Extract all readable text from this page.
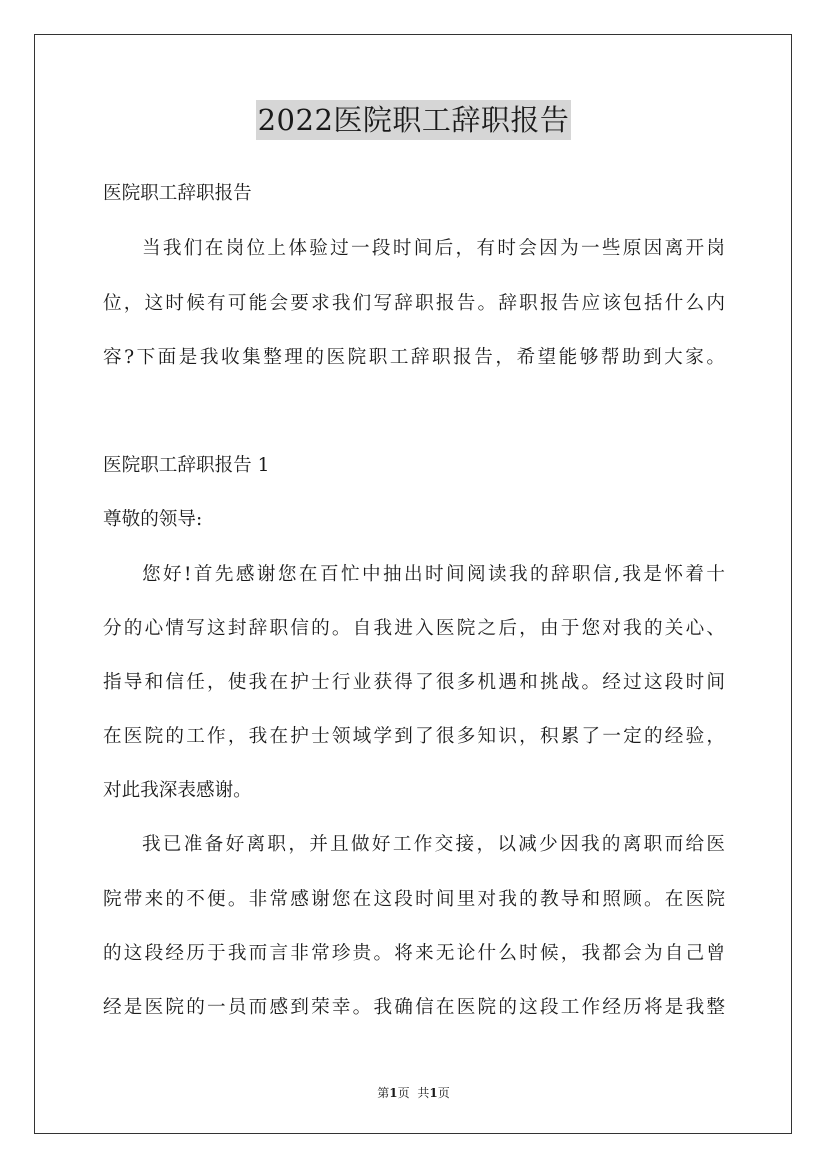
2022医院职工辞职报告
医院职工辞职报告
当我们在岗位上体验过一段时间后，有时会因为一些原因离开岗
位，这时候有可能会要求我们写辞职报告。辞职报告应该包括什么内
容?下面是我收集整理的医院职工辞职报告，希望能够帮助到大家。
医院职工辞职报告 1
尊敬的领导:
您好!首先感谢您在百忙中抽出时间阅读我的辞职信,我是怀着十
分的心情写这封辞职信的。自我进入医院之后，由于您对我的关心、
指导和信任，使我在护士行业获得了很多机遇和挑战。经过这段时间
在医院的工作，我在护士领域学到了很多知识，积累了一定的经验，
对此我深表感谢。
我已准备好离职，并且做好工作交接，以减少因我的离职而给医
院带来的不便。非常感谢您在这段时间里对我的教导和照顾。在医院
的这段经历于我而言非常珍贵。将来无论什么时候，我都会为自己曾
经是医院的一员而感到荣幸。我确信在医院的这段工作经历将是我整
第1页 共1页
